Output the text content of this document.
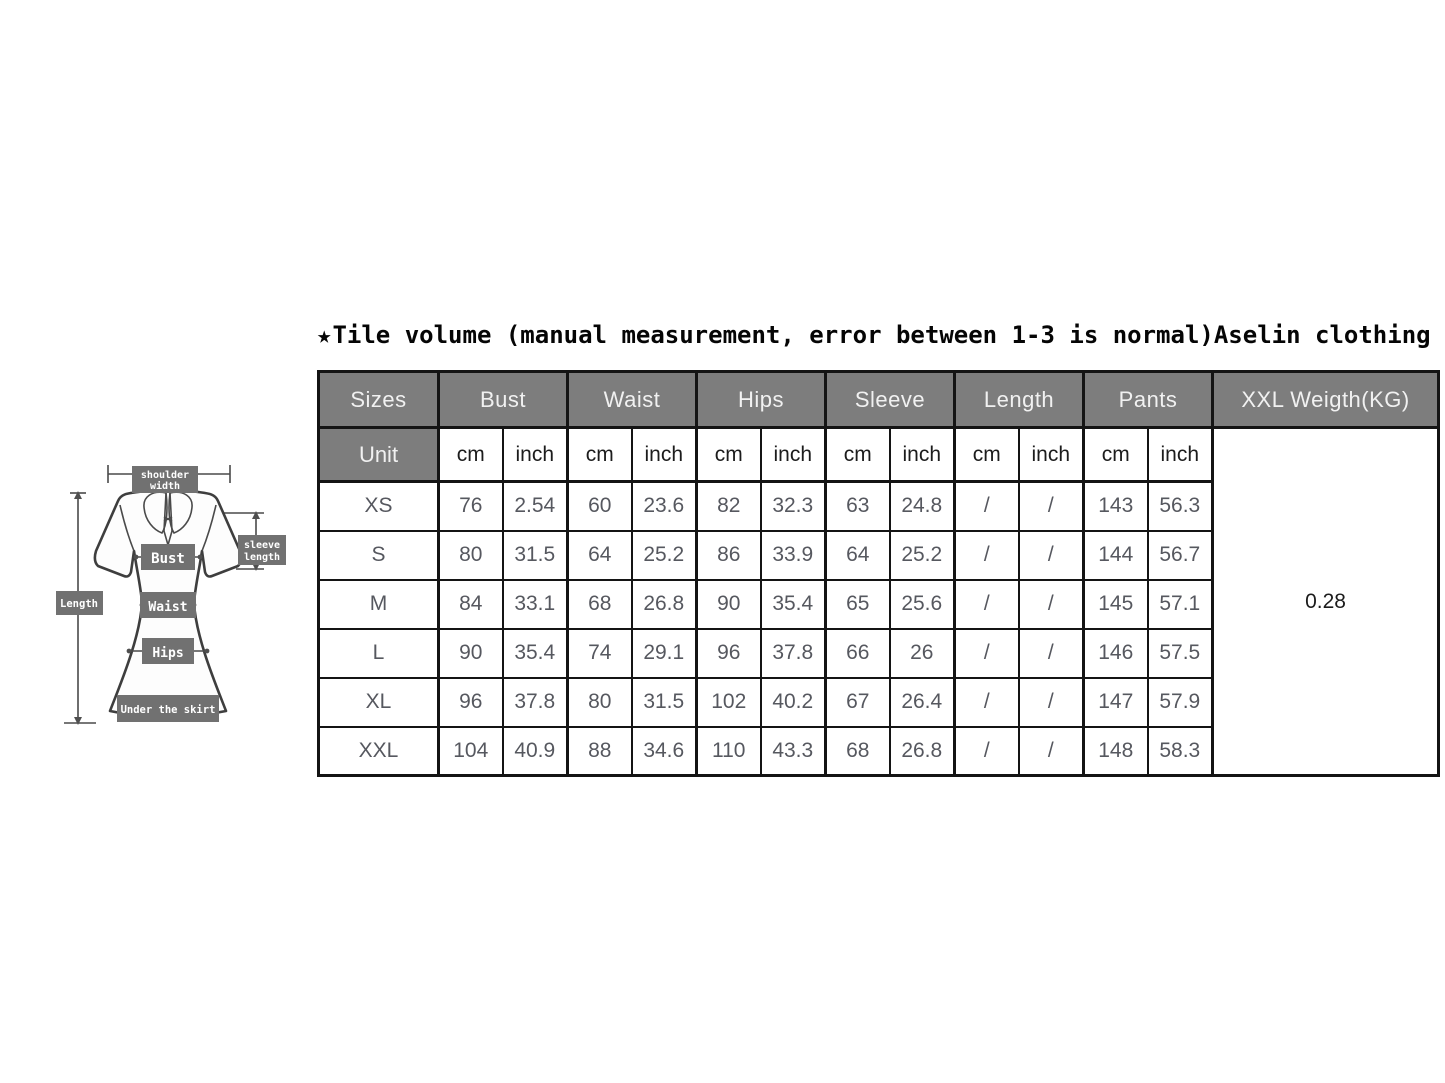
★Tile volume (manual measurement, error between 1-3 is normal) Aselin clothing
shoulder
width
sleeve
length
Length
Bust
Waist
Hips
Under the skirt
Sizes	Bust		Waist		Hips		Sleeve		Length		Pants		XXL Weigth(KG)
Unit	cm	inch	cm	inch	cm	inch	cm	inch	cm	inch	cm	inch	0.28
XS	76	2.54	60	23.6	82	32.3	63	24.8	/	/	143	56.3	
S	80	31.5	64	25.2	86	33.9	64	25.2	/	/	144	56.7	
M	84	33.1	68	26.8	90	35.4	65	25.6	/	/	145	57.1	
L	90	35.4	74	29.1	96	37.8	66	26	/	/	146	57.5	
XL	96	37.8	80	31.5	102	40.2	67	26.4	/	/	147	57.9	
XXL	104	40.9	88	34.6	110	43.3	68	26.8	/	/	148	58.3	
